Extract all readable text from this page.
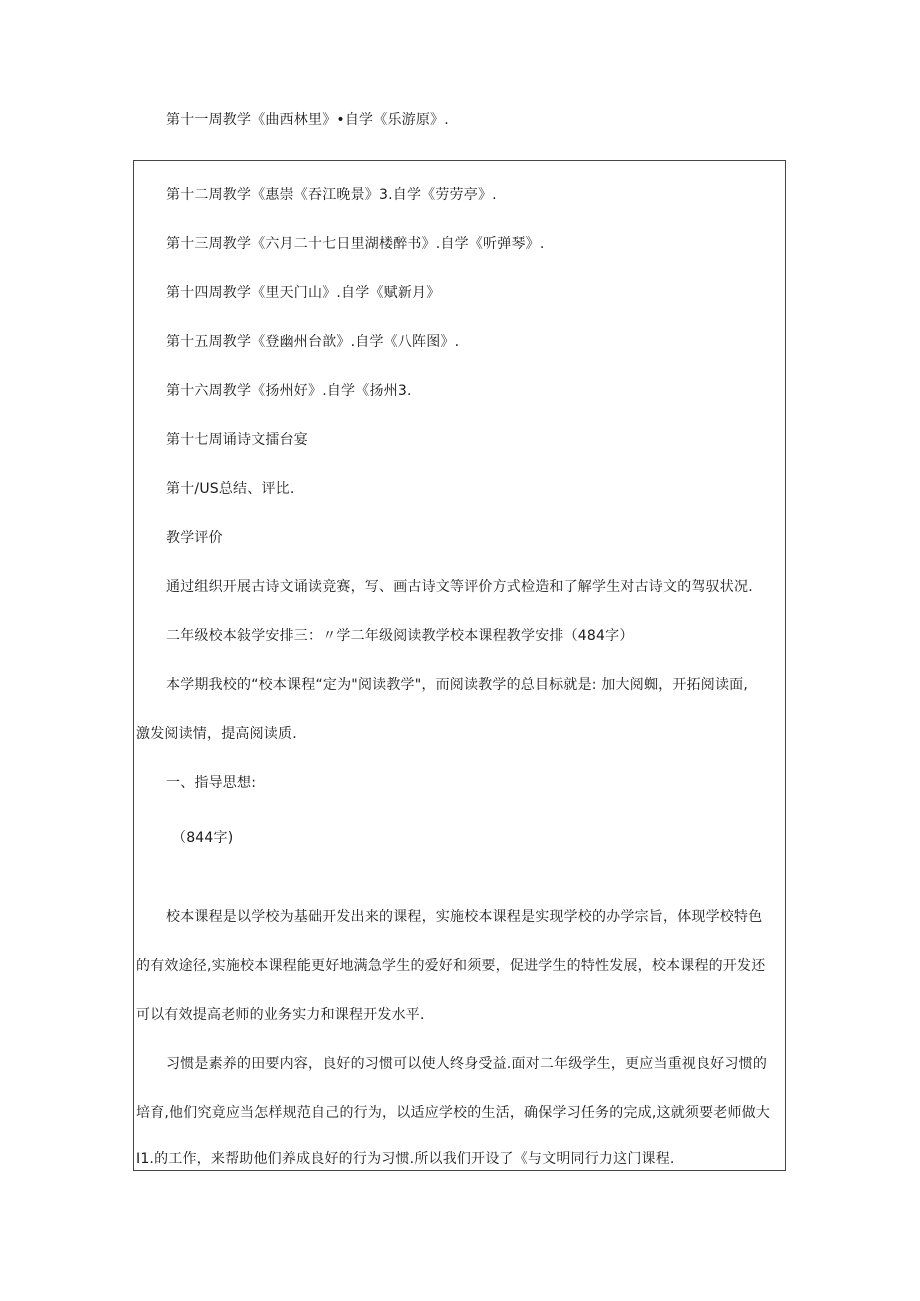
第十一周教学《曲西林里》•自学《乐游原》.
第十二周教学《惠崇《吞江晚景》3.自学《劳劳亭》.
第十三周教学《六月二十七日里湖楼醉书》.自学《听弹琴》.
第十四周教学《里天门山》.自学《赋新月》
第十五周教学《登幽州台歆》.自学《八阵图》.
第十六周教学《扬州好》.自学《扬州3.
第十七周诵诗文擂台宴
第十/US总结、评比.
教学评价
通过组织开展古诗文诵读竞赛，写、画古诗文等评价方式检造和了解学生对古诗文的驾驭状况.
二年级校本敍学安排三：〃学二年级阅读教学校本课程教学安排（484字）
本学期我校的“校本课程“定为"阅读教学"，而阅读教学的总目标就是: 加大阅蜘，开拓阅读面,
激发阅读情，提高阅读质.
一、指导思想:
（844字)
校本课程是以学校为基础开发出来的课程，实施校本课程是实现学校的办学宗旨，体现学校特色
的有效途径,实施校本课程能更好地满急学生的爱好和须要，促进学生的特性发展，校本课程的开发还
可以有效提高老师的业务实力和课程开发水平.
习惯是素养的田要内容，良好的习惯可以使人终身受益.面对二年级学生，更应当重视良好习惯的
培育,他们究竟应当怎样规范自己的行为，以适应学校的生活，确保学习任务的完成,这就须要老师做大
I1.的工作，来帮助他们养成良好的行为习惯.所以我们开设了《与文明同行力这门课程.
